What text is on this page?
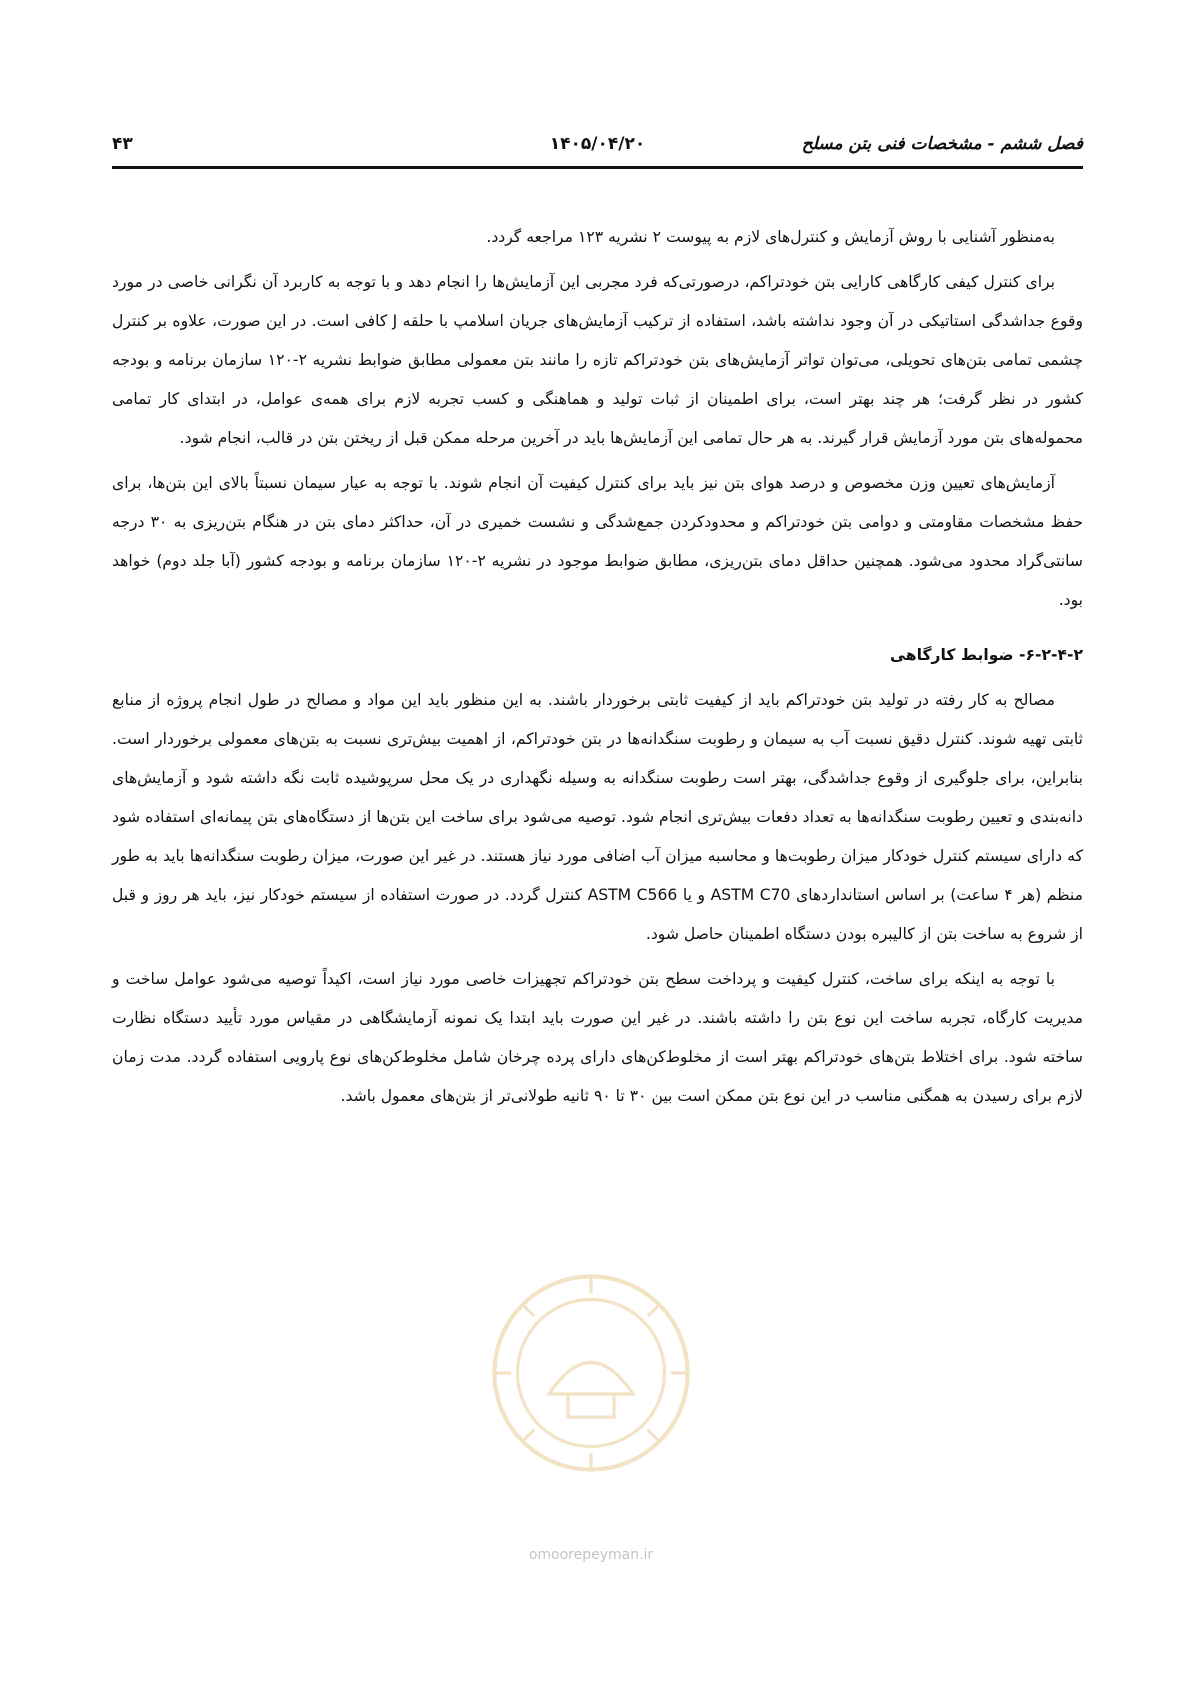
فصل ششم - مشخصات فنی بتن مسلح
۱۴۰۵/۰۴/۲۰
۴۳

به‌منظور آشنایی با روش آزمایش و کنترل‌های لازم به پیوست ۲ نشریه ۱۲۳ مراجعه گردد.

برای کنترل کیفی کارگاهی کارایی بتن خودتراکم، درصورتی‌که فرد مجربی این آزمایش‌ها را انجام دهد و با توجه به کاربرد آن نگرانی خاصی در مورد وقوع جداشدگی استاتیکی در آن وجود نداشته باشد، استفاده از ترکیب آزمایش‌های جریان اسلامپ با حلقه J کافی است. در این صورت، علاوه بر کنترل چشمی تمامی بتن‌های تحویلی، می‌توان تواتر آزمایش‌های بتن خودتراکم تازه را مانند بتن معمولی مطابق ضوابط نشریه ۲-۱۲۰ سازمان برنامه و بودجه کشور در نظر گرفت؛ هر چند بهتر است، برای اطمینان از ثبات تولید و هماهنگی و کسب تجربه لازم برای همه‌ی عوامل، در ابتدای کار تمامی محموله‌های بتن مورد آزمایش قرار گیرند. به هر حال تمامی این آزمایش‌ها باید در آخرین مرحله ممکن قبل از ریختن بتن در قالب، انجام شود.

آزمایش‌های تعیین وزن مخصوص و درصد هوای بتن نیز باید برای کنترل کیفیت آن انجام شوند. با توجه به عیار سیمان نسبتاً بالای این بتن‌ها، برای حفظ مشخصات مقاومتی و دوامی بتن خودتراکم و محدودکردن جمع‌شدگی و نشست خمیری در آن، حداکثر دمای بتن در هنگام بتن‌ریزی به ۳۰ درجه سانتی‌گراد محدود می‌شود. همچنین حداقل دمای بتن‌ریزی، مطابق ضوابط موجود در نشریه ۲-۱۲۰ سازمان برنامه و بودجه کشور (آبا جلد دوم) خواهد بود.

۶-۲-۴-۲- ضوابط کارگاهی

مصالح به کار رفته در تولید بتن خودتراکم باید از کیفیت ثابتی برخوردار باشند. به این منظور باید این مواد و مصالح در طول انجام پروژه از منابع ثابتی تهیه شوند. کنترل دقیق نسبت آب به سیمان و رطوبت سنگدانه‌ها در بتن خودتراکم، از اهمیت بیش‌تری نسبت به بتن‌های معمولی برخوردار است. بنابراین، برای جلوگیری از وقوع جداشدگی، بهتر است رطوبت سنگدانه به وسیله نگهداری در یک محل سرپوشیده ثابت نگه داشته شود و آزمایش‌های دانه‌بندی و تعیین رطوبت سنگدانه‌ها به تعداد دفعات بیش‌تری انجام شود. توصیه می‌شود برای ساخت این بتن‌ها از دستگاه‌های بتن پیمانه‌ای استفاده شود که دارای سیستم کنترل خودکار میزان رطوبت‌ها و محاسبه میزان آب اضافی مورد نیاز هستند. در غیر این صورت، میزان رطوبت سنگدانه‌ها باید به طور منظم (هر ۴ ساعت) بر اساس استانداردهای ASTM C70 و یا ASTM C566 کنترل گردد. در صورت استفاده از سیستم خودکار نیز، باید هر روز و قبل از شروع به ساخت بتن از کالیبره بودن دستگاه اطمینان حاصل شود.

با توجه به اینکه برای ساخت، کنترل کیفیت و پرداخت سطح بتن خودتراکم تجهیزات خاصی مورد نیاز است، اکیداً توصیه می‌شود عوامل ساخت و مدیریت کارگاه، تجربه ساخت این نوع بتن را داشته باشند. در غیر این صورت باید ابتدا یک نمونه آزمایشگاهی در مقیاس مورد تأیید دستگاه نظارت ساخته شود. برای اختلاط بتن‌های خودتراکم بهتر است از مخلوط‌کن‌های دارای پرده چرخان شامل مخلوط‌کن‌های نوع پارویی استفاده گردد. مدت زمان لازم برای رسیدن به همگنی مناسب در این نوع بتن ممکن است بین ۳۰ تا ۹۰ ثانیه طولانی‌تر از بتن‌های معمول باشد.

omoorepeyman.ir
